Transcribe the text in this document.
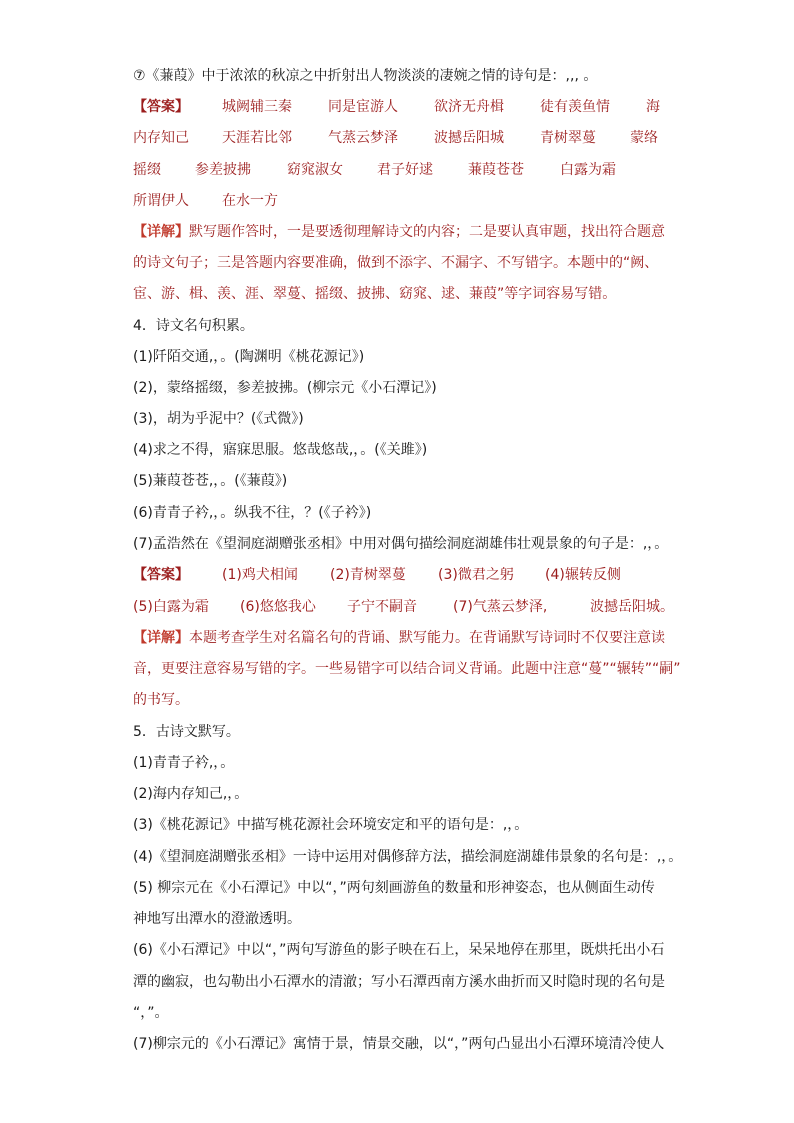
⑦《蒹葭》中于浓浓的秋凉之中折射出人物淡淡的凄婉之情的诗句是：,,, 。
【答案】 城阙辅三秦	同是宦游人	欲济无舟楫	徒有羡鱼情	海
内存知己 天涯若比邻	气蒸云梦泽	波撼岳阳城	青树翠蔓 蒙络
摇缀 参差披拂	窈窕淑女 君子好逑	蒹葭苍苍	白露为霜
所谓伊人 在水一方
【详解】默写题作答时，一是要透彻理解诗文的内容；二是要认真审题，找出符合题意
的诗文句子；三是答题内容要准确，做到不添字、不漏字、不写错字。本题中的“阙、
宦、游、楫、羡、涯、翠蔓、摇缀、披拂、窈窕、逑、蒹葭”等字词容易写错。
4．诗文名句积累。
(1)阡陌交通,，。(陶渊明《桃花源记》)
(2)，蒙络摇缀，参差披拂。(柳宗元《小石潭记》)
(3)，胡为乎泥中？(《式微》)
(4)求之不得，寤寐思服。悠哉悠哉,，。(《关雎》)
(5)蒹葭苍苍,，。(《蒹葭》)
(6)青青子衿,，。纵我不往，？(《子衿》)
(7)孟浩然在《望洞庭湖赠张丞相》中用对偶句描绘洞庭湖雄伟壮观景象的句子是：,，。
【答案】 (1)鸡犬相闻 (2)青树翠蔓 (3)微君之躬 (4)辗转反侧
(5)白露为霜 (6)悠悠我心 子宁不嗣音	(7)气蒸云梦泽,	波撼岳阳城。
【详解】本题考查学生对名篇名句的背诵、默写能力。在背诵默写诗词时不仅要注意读
音，更要注意容易写错的字。一些易错字可以结合词义背诵。此题中注意“蔓”“辗转”“嗣”
的书写。
5．古诗文默写。
(1)青青子衿,，。
(2)海内存知己,，。
(3)《桃花源记》中描写桃花源社会环境安定和平的语句是：,，。
(4)《望洞庭湖赠张丞相》一诗中运用对偶修辞方法，描绘洞庭湖雄伟景象的名句是：,，。
(5) 柳宗元在《小石潭记》中以“，”两句刻画游鱼的数量和形神姿态，也从侧面生动传
神地写出潭水的澄澈透明。
(6)《小石潭记》中以“，”两句写游鱼的影子映在石上，呆呆地停在那里，既烘托出小石
潭的幽寂，也勾勒出小石潭水的清澈；写小石潭西南方溪水曲折而又时隐时现的名句是
“，”。
(7)柳宗元的《小石潭记》寓情于景，情景交融，以“，”两句凸显出小石潭环境清冷使人
